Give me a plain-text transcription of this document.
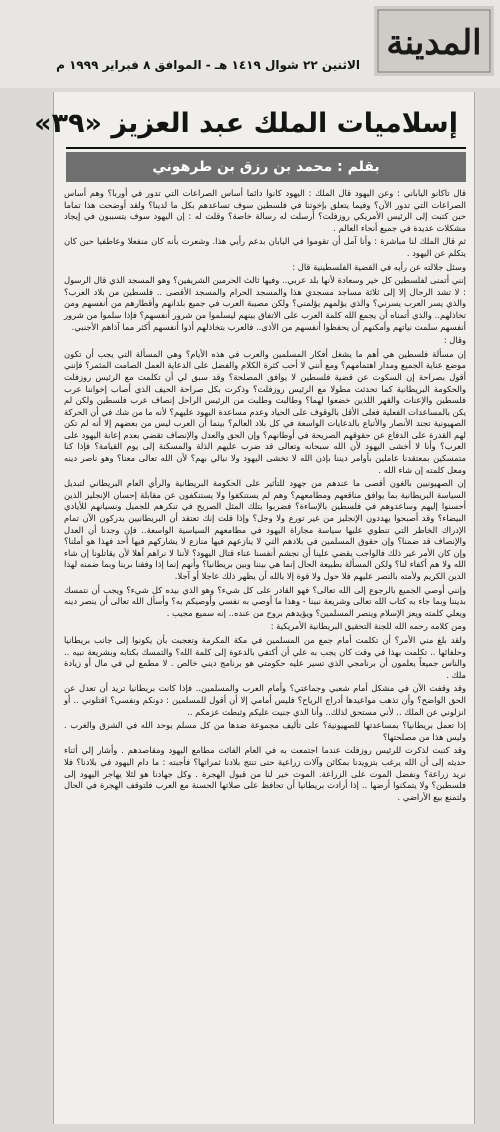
المدينة
الاثنين ٢٢ شوال ١٤١٩ هـ - الموافق ٨ فبراير ١٩٩٩ م
إسلاميات الملك عبد العزيز «٣٩»
بقلم : محمد بن رزق بن طرهوني

قال تاكانو الياباني : وعن اليهود قال الملك : اليهود كانوا دائما أساس الصراعات التي تدور في أوربا؟ وهم أساس الصراعات التي تدور الآن؟ وفيما يتعلق بإخوتنا في فلسطين سوف تساعدهم بكل ما لدينا؟ ولقد أوضحت هذا تماما حين كتبت إلى الرئيس الأمريكي روزفلت؟ أرسلت له رسالة خاصة؟ وقلت له : إن اليهود سوف يتسببون في إيجاد مشكلات عديدة في جميع أنحاء العالم .

ثم قال الملك لنا مباشرة : وأنا آمل أن تقوموا في اليابان بدعم رأيي هذا. وشعرت بأنه كان منفعلا وعاطفيا حين كان يتكلم عن اليهود .

وسئل جلالته عن رأيه في القضية الفلسطينية قال :

إنني أتمنى لفلسطين كل خير وسعادة لأنها بلد عربي.. وفيها ثالث الحرمين الشريفين؟ وهو المسجد الذي قال الرسول : لا تشد الرحال إلا إلى ثلاثة مساجد مسجدي هذا والمسجد الحرام والمسجد الأقصى .. فلسطين من بلاد العرب؟ والذي يسر العرب يسرني؟ والذي يؤلمهم يؤلمني؟ ولكن مصيبة العرب في جميع بلدانهم وأقطارهم من أنفسهم ومن تخاذلهم.. والذي أتمناه أن يجمع الله كلمة العرب على الاتفاق بينهم ليسلموا من شرور أنفسهم؟ فإذا سلموا من شرور أنفسهم سلمت نياتهم وأمكنهم أن يحفظوا أنفسهم من الأذى.. فالعرب بتخاذلهم أذوا أنفسهم أكثر مما آذاهم الأجنبي.

وقال :

إن مسألة فلسطين هي أهم ما يشغل أفكار المسلمين والعرب في هذه الأيام؟ وهي المسألة التي يجب أن تكون موضع عناية الجميع ومدار اهتمامهم؟ ومع أنني لا أحب كثرة الكلام والفضل على الدعاية العمل الصامت المثمر؟ فإنني أقول بصراحة إن السكوت عن قضية فلسطين لا يوافق المصلحة؟ وقد سبق لي أن تكلمت مع الرئيس روزفلت والحكومة البريطانية كما تحدثت مطولا مع الرئيس روزفلت؟ وذكرت بكل صراحة الحيف الذي أصاب إخواننا عرب فلسطين والإعنات والقهر اللذين خضعوا لهما؟ وطالبت وطلبت من الرئيس الراحل إنصاف عرب فلسطين ولكن لم يكن بالمساعدات الفعلية فعلى الأقل بالوقوف على الحياد وعدم مساعدة اليهود عليهم؟ لأنه ما من شك في أن الحركة الصهيونية تجند الأنصار والأتباع بالدعايات الواسعة في كل بلاد العالم؟ بينما أن العرب ليس من بعضهم إلا أنه لم تكن لهم القدرة على الدفاع عن حقوقهم الصريحة في أوطانهم؟ وإن الحق والعدل والإنصاف تقضي بعدم إعانة اليهود على العرب؟ وأنا لا أخشى اليهود لأن الله سبحانه وتعالى قد ضرب عليهم الذلة والمسكنة إلى يوم القيامة؟ فإذا كنا متمسكين بمعتقدنا عاملين بأوامر ديننا بإذن الله لا تخشى اليهود ولا نبالي بهم؟ لأن الله تعالى معنا؟ وهو ناصر دينه ومعل كلمته إن شاء الله .

إن الصهيونيين بالغون أقصى ما عندهم من جهود للتأثير على الحكومة البريطانية والرأي العام البريطاني لتبديل السياسة البريطانية بما يوافق مناقعهم ومطامعهم؟ وهم لم يستنكفوا ولا يستنكفون عن مقابلة إحسان الإنجليز الذين أحسنوا إليهم وساعدوهم في فلسطين بالإساءة؟ فضربوا بتلك المثل الصريح في تنكرهم للجميل ونسيانهم للأيادي البيضاء؟ وقد أصبحوا يهددون الإنجليز من غير تورع ولا وجل؟ وإذا قلت إنك تعتقد أن البريطانيين يدركون الآن تمام الإدراك الخاطر التي تنطوي عليها سياسة مجاراة اليهود في مطامعهم السياسية الواسعة.. فإن وجدنا أن العدل والإنصاف قد ضمنا؟ وإن حقوق المسلمين في بلادهم التي لا ينازعهم فيها منازع لا يشاركهم فيها أحد فهذا هو أملنا؟ وإن كان الأمر غير ذلك فالواجب يقضي علينا أن نجشم أنفسنا عناء قتال اليهود؟ لأننا لا نراهم أهلا لأن يقاتلونا إن شاء الله ولا هم أكفاء لنا؟ ولكن المسألة بطبيعة الحال إنما هي بيننا وبين بريطانيا؟ وأنهم إنما إذا وفقنا بربنا وبما ضمنه لهذا الدين الكريم ولأمته بالنصر عليهم فلا حول ولا قوة إلا بالله أن يظهر ذلك عاجلا أو آجلا.

وإنني أوصي الجميع بالرجوع إلى الله تعالى؟ فهو القادر على كل شيء؟ وهو الذي بيده كل شيء؟ ويجب أن نتمسك بديننا وبما جاء به كتاب الله تعالى وشريعة نبينا - وهذا ما أوصي به نفسي وأوصيكم به؟ وأسأل الله تعالى أن ينصر دينه ويعلي كلمته ويعز الإسلام وينصر المسلمين؟ ويؤيدهم بروح من عنده.. إنه سميع مجيب .

ومن كلامه رحمه الله للجنة التحقيق البريطانية الأمريكية :

ولقد بلغ مني الأمر؟ أن تكلمت أمام جمع من المسلمين في مكة المكرمة وتعجبت بأن يكونوا إلى جانب بريطانيا وحلفائها .. تكلمت بهذا في وقت كان يجب به علي أن أكتفي بالدعوة إلى كلمة الله؟ والتمسك بكتابه وبشريعة نبيه .. والناس جميعاً يعلمون أن برنامجي الذي تسير عليه حكومتي هو برنامج ديني خالص . لا مطمع لي في مال أو زيادة ملك .

وقد وقفت الآن في مشكل أمام شعبي وجماعتي؟ وأمام العرب والمسلمين.. فإذا كانت بريطانيا تريد أن تعدل عن الحق الواضح؟ وأن تذهب مواعيدها أدراج الرياح؟ فليس أمامي إلا أن أقول للمسلمين : دونكم ونفسي؟ اقتلوني .. أو انزلوني عن الملك .. لأني مستحق لذلك.. وأنا الذي جنيت عليكم وثبطت عزمكم ..

إذا تعمل بريطانيا؟ بمساعدتها للصهيونية؟ على تأليف مجموعة ضدها من كل مسلم يوحد الله في الشرق والغرب . وليس هذا من مصلحتها؟

وقد كتبت لذكرت للرئيس روزفلت عندما اجتمعت به في العام الفائت مطامع اليهود ومقاصدهم . وأشار إلي أثناء حديثه إلى أن الله يرغب بتزويدنا بمكائن وآلات زراعية حتى تنتج بلادنا ثمراتها؟ فأجبته : ما دام اليهود في بلادنا؟ فلا نريد زراعة؟ ونفضل الموت على الزراعة. الموت خير لنا من قبول الهجرة . وكل جهادنا هو لئلا يهاجر اليهود إلى فلسطين؟ ولا يتمكنوا أرضها .. إذا أرادت بريطانيا أن تحافظ على صلاتها الحسنة مع العرب فلتوقف الهجرة في الحال ولتمنع بيع الأراضي .
